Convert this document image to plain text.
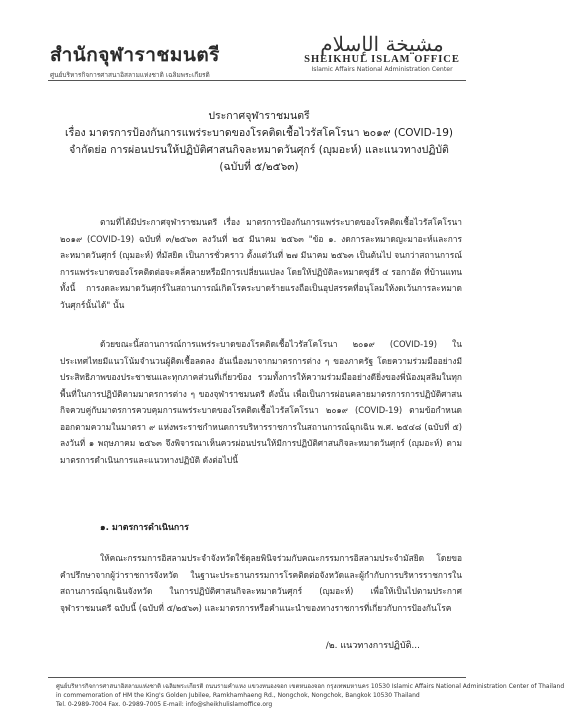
สำนักจุฬาราชมนตรี
ศูนย์บริหารกิจการศาสนาอิสลามแห่งชาติ เฉลิมพระเกียรติ
مشيخة الإسلام
SHEIKHUL ISLAM OFFICE
Islamic Affairs National Administration Center
ประกาศจุฬาราชมนตรี
เรื่อง มาตรการป้องกันการแพร่ระบาดของโรคติดเชื้อไวรัสโคโรนา ๒๐๑๙ (COVID-19)
จำกัดย่อ การผ่อนปรนให้ปฏิบัติศาสนกิจละหมาดวันศุกร์ (ญุมอะห์) และแนวทางปฏิบัติ
(ฉบับที่ ๕/๒๕๖๓)

ตามที่ได้มีประกาศจุฬาราชมนตรี เรื่อง มาตรการป้องกันการแพร่ระบาดของโรคติดเชื้อไวรัสโคโรนา ๒๐๑๙ (COVID-19) ฉบับที่ ๓/๒๕๖๓ ลงวันที่ ๒๕ มีนาคม ๒๕๖๓ "ข้อ ๑. งดการละหมาดญะมาอะห์และการละหมาดวันศุกร์ (ญุมอะห์) ที่มัสยิด เป็นการชั่วคราว ตั้งแต่วันที่ ๒๗ มีนาคม ๒๕๖๓ เป็นต้นไป จนกว่าสถานการณ์การแพร่ระบาดของโรคติดต่อจะคลี่คลายหรือมีการเปลี่ยนแปลง โดยให้ปฏิบัติละหมาดซุฮ์รี ๔ รอกาอัต ที่บ้านแทน ทั้งนี้ การงดละหมาดวันศุกร์ในสถานการณ์เกิดโรคระบาดร้ายแรงถือเป็นอุปสรรคที่อนุโลมให้งดเว้นการละหมาดวันศุกร์นั้นได้" นั้น

ด้วยขณะนี้สถานการณ์การแพร่ระบาดของโรคติดเชื้อไวรัสโคโรนา ๒๐๑๙ (COVID-19) ในประเทศไทยมีแนวโน้มจำนวนผู้ติดเชื้อลดลง อันเนื่องมาจากมาตรการต่าง ๆ ของภาครัฐ โดยความร่วมมืออย่างมีประสิทธิภาพของประชาชนและทุกภาคส่วนที่เกี่ยวข้อง รวมทั้งการให้ความร่วมมืออย่างดียิ่งของพี่น้องมุสลิมในทุกพื้นที่ในการปฏิบัติตามมาตรการต่าง ๆ ของจุฬาราชมนตรี ดังนั้น เพื่อเป็นการผ่อนคลายมาตรการการปฏิบัติศาสนกิจควบคู่กับมาตรการควบคุมการแพร่ระบาดของโรคติดเชื้อไวรัสโคโรนา ๒๐๑๙ (COVID-19) ตามข้อกำหนดออกตามความในมาตรา ๙ แห่งพระราชกำหนดการบริหารราชการในสถานการณ์ฉุกเฉิน พ.ศ. ๒๕๔๘ (ฉบับที่ ๕) ลงวันที่ ๑ พฤษภาคม ๒๕๖๓ จึงพิจารณาเห็นควรผ่อนปรนให้มีการปฏิบัติศาสนกิจละหมาดวันศุกร์ (ญุมอะห์) ตามมาตรการดำเนินการและแนวทางปฏิบัติ ดังต่อไปนี้

๑. มาตรการดำเนินการ

ให้คณะกรรมการอิสลามประจำจังหวัดใช้ดุลยพินิจร่วมกับคณะกรรมการอิสลามประจำมัสยิด โดยขอคำปรึกษาจากผู้ว่าราชการจังหวัด ในฐานะประธานกรรมการโรคติดต่อจังหวัดและผู้กำกับการบริหารราชการในสถานการณ์ฉุกเฉินจังหวัด ในการปฏิบัติศาสนกิจละหมาดวันศุกร์ (ญุมอะห์) เพื่อให้เป็นไปตามประกาศจุฬาราชมนตรี ฉบับนี้ (ฉบับที่ ๕/๒๕๖๓) และมาตรการหรือคำแนะนำของทางราชการที่เกี่ยวกับการป้องกันโรค

/๒. แนวทางการปฏิบัติ...
ศูนย์บริหารกิจการศาสนาอิสลามแห่งชาติ เฉลิมพระเกียรติ ถนนรามคำแหง แขวงหนองจอก เขตหนองจอก กรุงเทพมหานคร 10530 Islamic Affairs National Administration Center of Thailand
in commemoration of HM the King's Golden Jubilee, Ramkhamhaeng Rd., Nongchok, Nongchok, Bangkok 10530 Thailand
Tel. 0-2989-7004 Fax. 0-2989-7005 E-mail: info@sheikhulislamoffice.org
